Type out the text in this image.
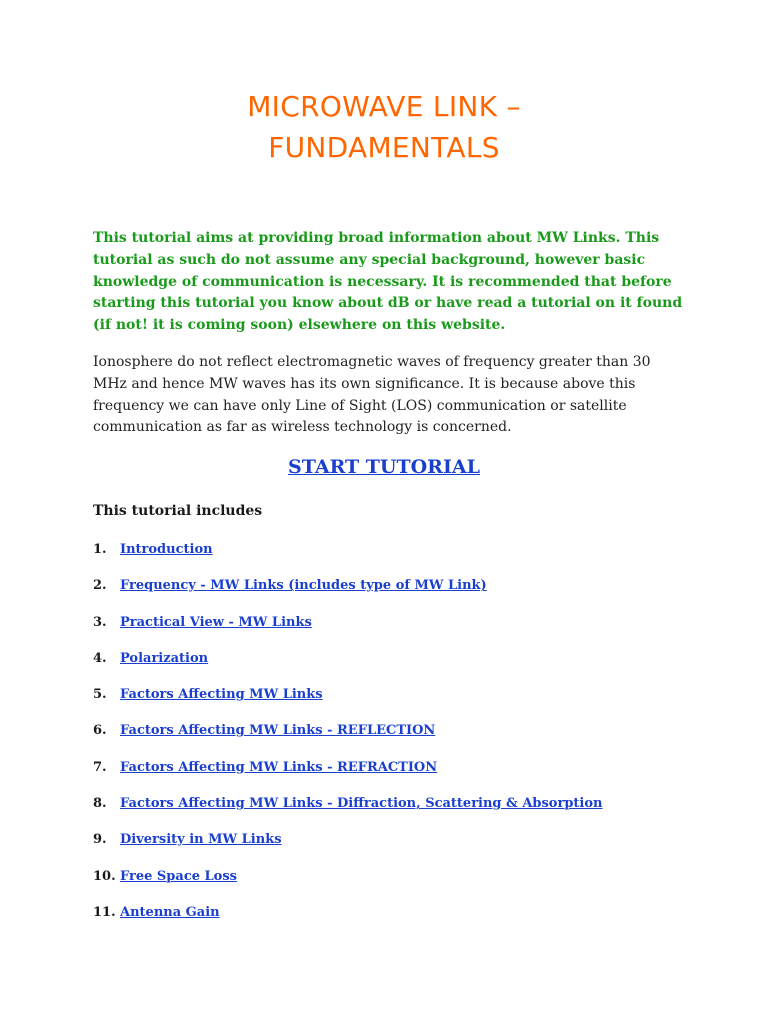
MICROWAVE LINK –
FUNDAMENTALS

This tutorial aims at providing broad information about MW Links. This tutorial as such do not assume any special background, however basic knowledge of communication is necessary. It is recommended that before starting this tutorial you know about dB or have read a tutorial on it found (if not! it is coming soon) elsewhere on this website.

Ionosphere do not reflect electromagnetic waves of frequency greater than 30 MHz and hence MW waves has its own significance. It is because above this frequency we can have only Line of Sight (LOS) communication or satellite communication as far as wireless technology is concerned.

START TUTORIAL

This tutorial includes

1.	Introduction
2.	Frequency - MW Links (includes type of MW Link)
3.	Practical View - MW Links
4.	Polarization
5.	Factors Affecting MW Links
6.	Factors Affecting MW Links - REFLECTION
7.	Factors Affecting MW Links - REFRACTION
8.	Factors Affecting MW Links - Diffraction, Scattering & Absorption
9.	Diversity in MW Links
10. Free Space Loss
11. Antenna Gain
